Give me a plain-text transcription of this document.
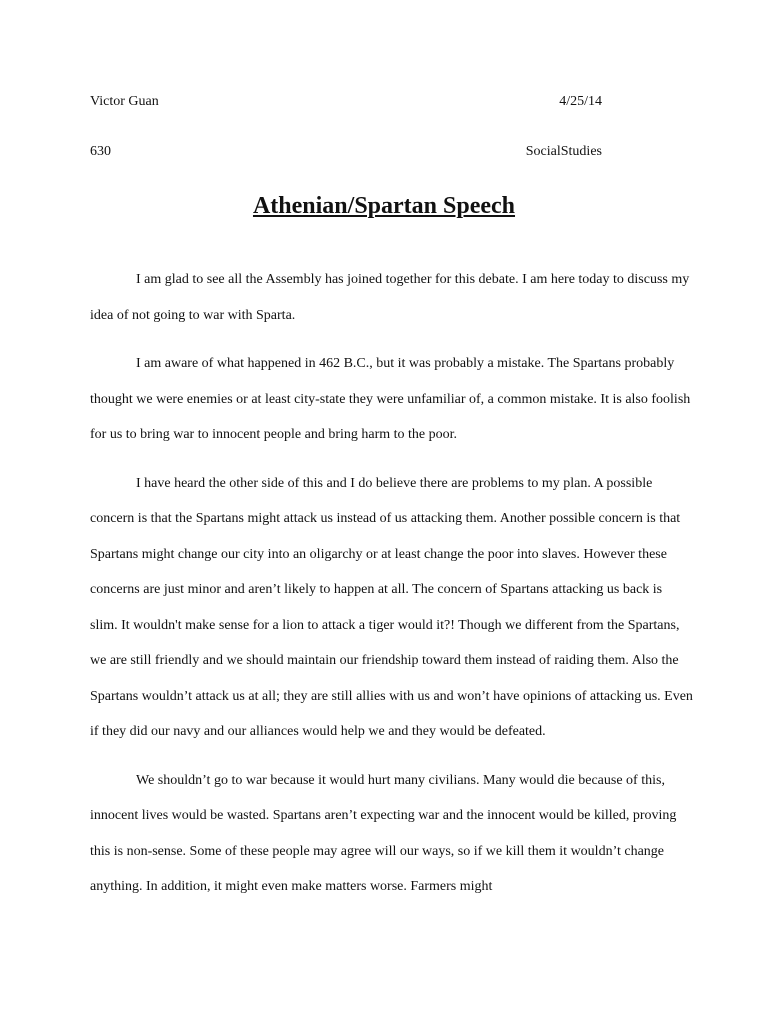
Victor Guan	4/25/14
630	SocialStudies
Athenian/Spartan Speech

I am glad to see all the Assembly has joined together for this debate. I am here today to discuss my idea of not going to war with Sparta.

I am aware of what happened in 462 B.C., but it was probably a mistake. The Spartans probably thought we were enemies or at least city-state they were unfamiliar of, a common mistake. It is also foolish for us to bring war to innocent people and bring harm to the poor.

I have heard the other side of this and I do believe there are problems to my plan. A possible concern is that the Spartans might attack us instead of us attacking them. Another possible concern is that Spartans might change our city into an oligarchy or at least change the poor into slaves. However these concerns are just minor and aren’t likely to happen at all. The concern of Spartans attacking us back is slim. It wouldn't make sense for a lion to attack a tiger would it?! Though we different from the Spartans, we are still friendly and we should maintain our friendship toward them instead of raiding them. Also the Spartans wouldn’t attack us at all; they are still allies with us and won’t have opinions of attacking us. Even if they did our navy and our alliances would help we and they would be defeated.

We shouldn’t go to war because it would hurt many civilians. Many would die because of this, innocent lives would be wasted. Spartans aren’t expecting war and the innocent would be killed, proving this is non-sense. Some of these people may agree will our ways, so if we kill them it wouldn’t change anything. In addition, it might even make matters worse. Farmers might
